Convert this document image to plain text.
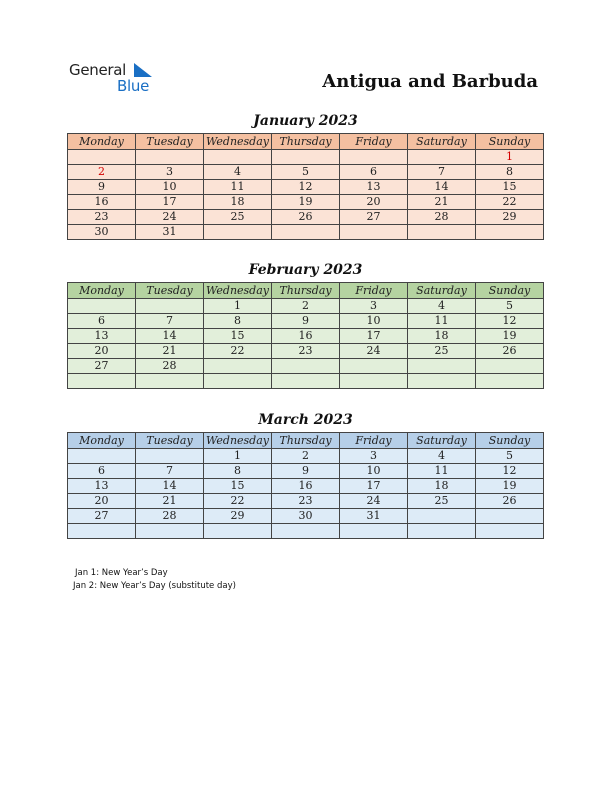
General
Blue	Antigua and Barbuda
January 2023
Monday	Tuesday	Wednesday	Thursday	Friday	Saturday	Sunday
						1
2	3	4	5	6	7	8
9	10	11	12	13	14	15
16	17	18	19	20	21	22
23	24	25	26	27	28	29
30	31					
February 2023
Monday	Tuesday	Wednesday	Thursday	Friday	Saturday	Sunday
		1	2	3	4	5
6	7	8	9	10	11	12
13	14	15	16	17	18	19
20	21	22	23	24	25	26
27	28					

March 2023
Monday	Tuesday	Wednesday	Thursday	Friday	Saturday	Sunday
		1	2	3	4	5
6	7	8	9	10	11	12
13	14	15	16	17	18	19
20	21	22	23	24	25	26
27	28	29	30	31		

Jan 1: New Year’s Day
Jan 2: New Year’s Day (substitute day)
